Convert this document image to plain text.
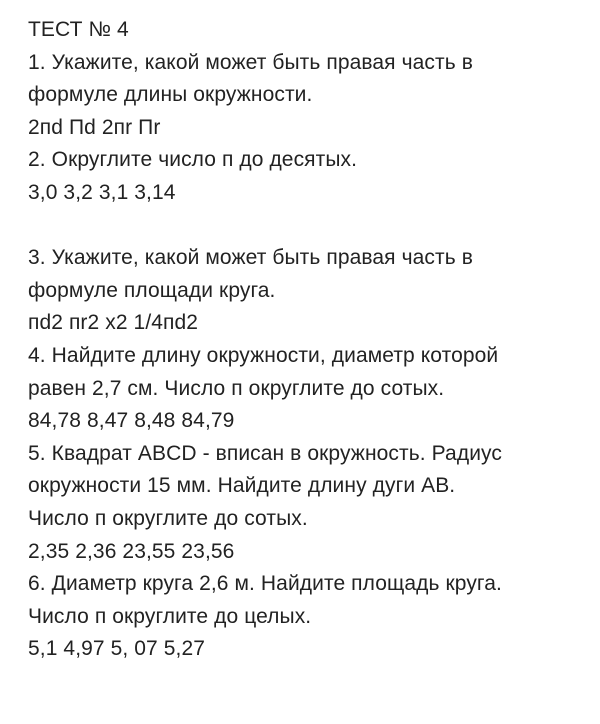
ТЕСТ № 4
1. Укажите, какой может быть правая часть в
формуле длины окружности.
2пd Пd 2пr Пr
2. Округлите число п до десятых.
3,0 3,2 3,1 3,14
3. Укажите, какой может быть правая часть в
формуле площади круга.
пd2 пr2 x2 1/4пd2
4. Найдите длину окружности, диаметр которой
равен 2,7 см. Число п округлите до сотых.
84,78 8,47 8,48 84,79
5. Квадрат ABCD - вписан в окружность. Радиус
окружности 15 мм. Найдите длину дуги AB.
Число п округлите до сотых.
2,35 2,36 23,55 23,56
6. Диаметр круга 2,6 м. Найдите площадь круга.
Число п округлите до целых.
5,1 4,97 5, 07 5,27
